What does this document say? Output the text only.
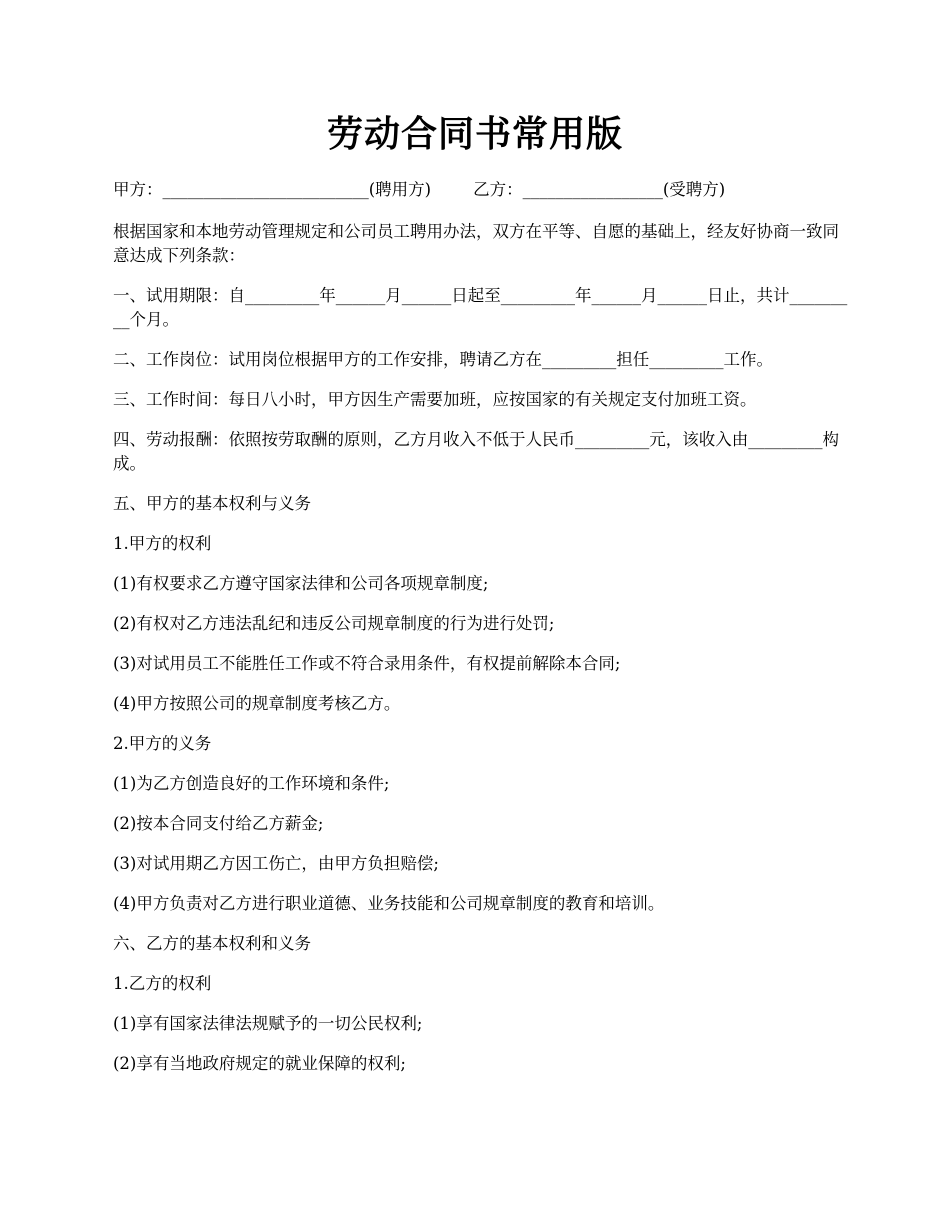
劳动合同书常用版

甲方：_________________________(聘用方)        乙方：_________________(受聘方)

根据国家和本地劳动管理规定和公司员工聘用办法，双方在平等、自愿的基础上，经友好协商一致同意达成下列条款：

一、试用期限：自_________年______月______日起至_________年______月______日止，共计_________个月。

二、工作岗位：试用岗位根据甲方的工作安排，聘请乙方在_________担任_________工作。

三、工作时间：每日八小时，甲方因生产需要加班，应按国家的有关规定支付加班工资。

四、劳动报酬：依照按劳取酬的原则，乙方月收入不低于人民币_________元，该收入由_________构成。

五、甲方的基本权利与义务

1.甲方的权利

(1)有权要求乙方遵守国家法律和公司各项规章制度;

(2)有权对乙方违法乱纪和违反公司规章制度的行为进行处罚;

(3)对试用员工不能胜任工作或不符合录用条件，有权提前解除本合同;

(4)甲方按照公司的规章制度考核乙方。

2.甲方的义务

(1)为乙方创造良好的工作环境和条件;

(2)按本合同支付给乙方薪金;

(3)对试用期乙方因工伤亡，由甲方负担赔偿;

(4)甲方负责对乙方进行职业道德、业务技能和公司规章制度的教育和培训。

六、乙方的基本权利和义务

1.乙方的权利

(1)享有国家法律法规赋予的一切公民权利;

(2)享有当地政府规定的就业保障的权利;
